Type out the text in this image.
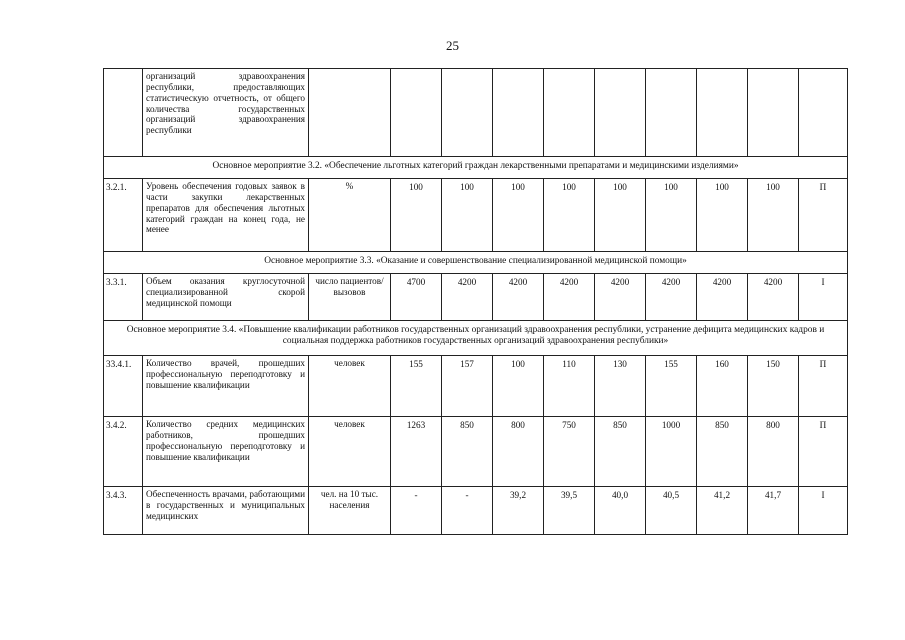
25
	организаций здравоохранения республики, предоставляющих статистическую отчетность, от общего количества государственных организаций здравоохранения республики										
Основное мероприятие 3.2. «Обеспечение льготных категорий граждан лекарственными препаратами и медицинскими изделиями»											
3.2.1.	Уровень обеспечения годовых заявок в части закупки лекарственных препаратов для обеспечения льготных категорий граждан на конец года, не менее	%	100	100	100	100	100	100	100	100	П
Основное мероприятие 3.3. «Оказание и совершенствование специализированной медицинской помощи»											
3.3.1.	Объем оказания круглосуточной специализированной скорой медицинской помощи	число пациентов/ вызовов	4700	4200	4200	4200	4200	4200	4200	4200	I
Основное мероприятие 3.4. «Повышение квалификации работников государственных организаций здравоохранения республики, устранение дефицита медицинских кадров и социальная поддержка работников государственных организаций здравоохранения республики»											
33.4.1.	Количество врачей, прошедших профессиональную переподготовку и повышение квалификации	человек	155	157	100	110	130	155	160	150	П
3.4.2.	Количество средних медицинских работников, прошедших профессиональную переподготовку и повышение квалификации	человек	1263	850	800	750	850	1000	850	800	П
3.4.3.	Обеспеченность врачами, работающими в государственных и муниципальных медицинских	чел. на 10 тыс. населения	-	-	39,2	39,5	40,0	40,5	41,2	41,7	I
